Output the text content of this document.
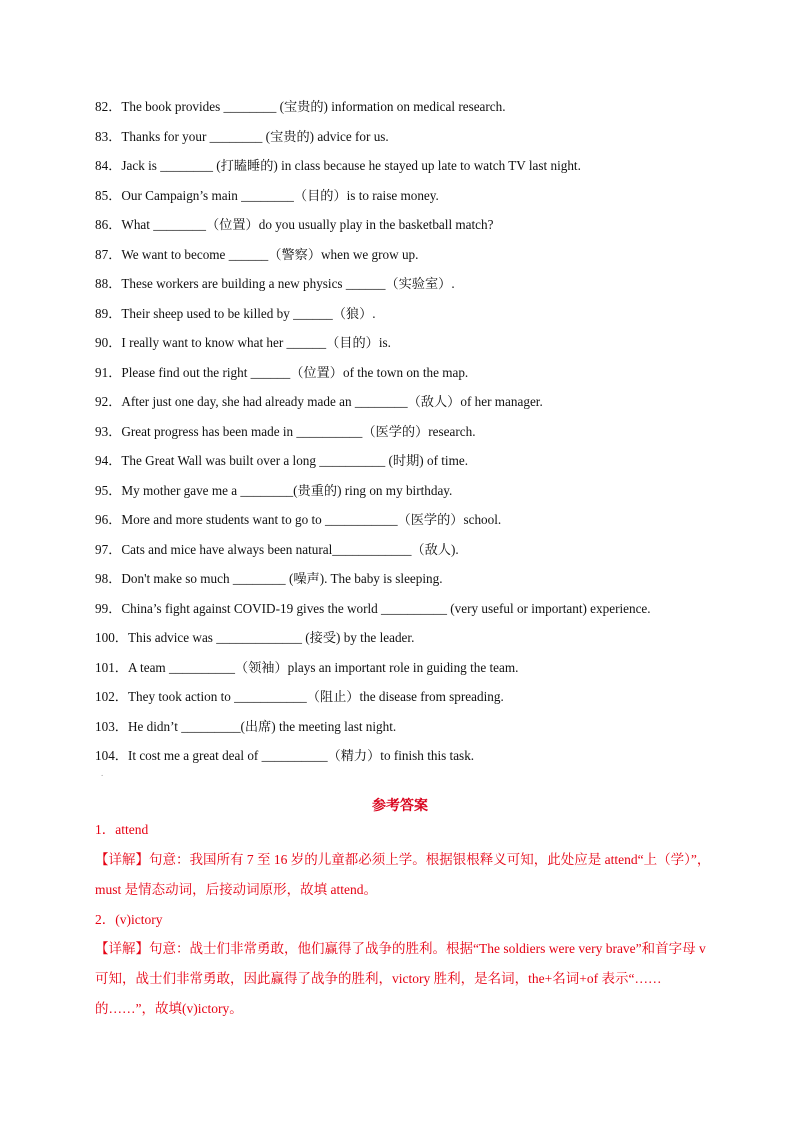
82．The book provides ________ (宝贵的) information on medical research.
83．Thanks for your ________ (宝贵的) advice for us.
84．Jack is ________ (打瞌睡的) in class because he stayed up late to watch TV last night.
85．Our Campaign’s main ________（目的）is to raise money.
86．What ________（位置）do you usually play in the basketball match?
87．We want to become ______（警察）when we grow up.
88．These workers are building a new physics ______（实验室）.
89．Their sheep used to be killed by ______（狼）.
90．I really want to know what her ______（目的）is.
91．Please find out the right ______（位置）of the town on the map.
92．After just one day, she had already made an ________（敌人）of her manager.
93．Great progress has been made in __________（医学的）research.
94．The Great Wall was built over a long __________ (时期) of time.
95．My mother gave me a ________(贵重的) ring on my birthday.
96．More and more students want to go to ___________（医学的）school.
97．Cats and mice have always been natural____________（敌人).
98．Don't make so much ________ (噪声). The baby is sleeping.
99．China’s fight against COVID-19 gives the world __________ (very useful or important) experience.
100．This advice was _____________ (接受) by the leader.
101．A team __________（领袖）plays an important role in guiding the team.
102．They took action to ___________（阻止）the disease from spreading.
103．He didn’t _________(出席) the meeting last night.
104．It cost me a great deal of __________（精力）to finish this task.
.
参考答案
1．attend
【详解】句意：我国所有 7 至 16 岁的儿童都必须上学。根据银根释义可知，此处应是 attend“上（学）”，must 是情态动词，后接动词原形，故填 attend。
2．(v)ictory
【详解】句意：战士们非常勇敢，他们赢得了战争的胜利。根据“The soldiers were very brave”和首字母 v 可知，战士们非常勇敢，因此赢得了战争的胜利，victory 胜利，是名词，the+名词+of 表示“……的……”，故填(v)ictory。
